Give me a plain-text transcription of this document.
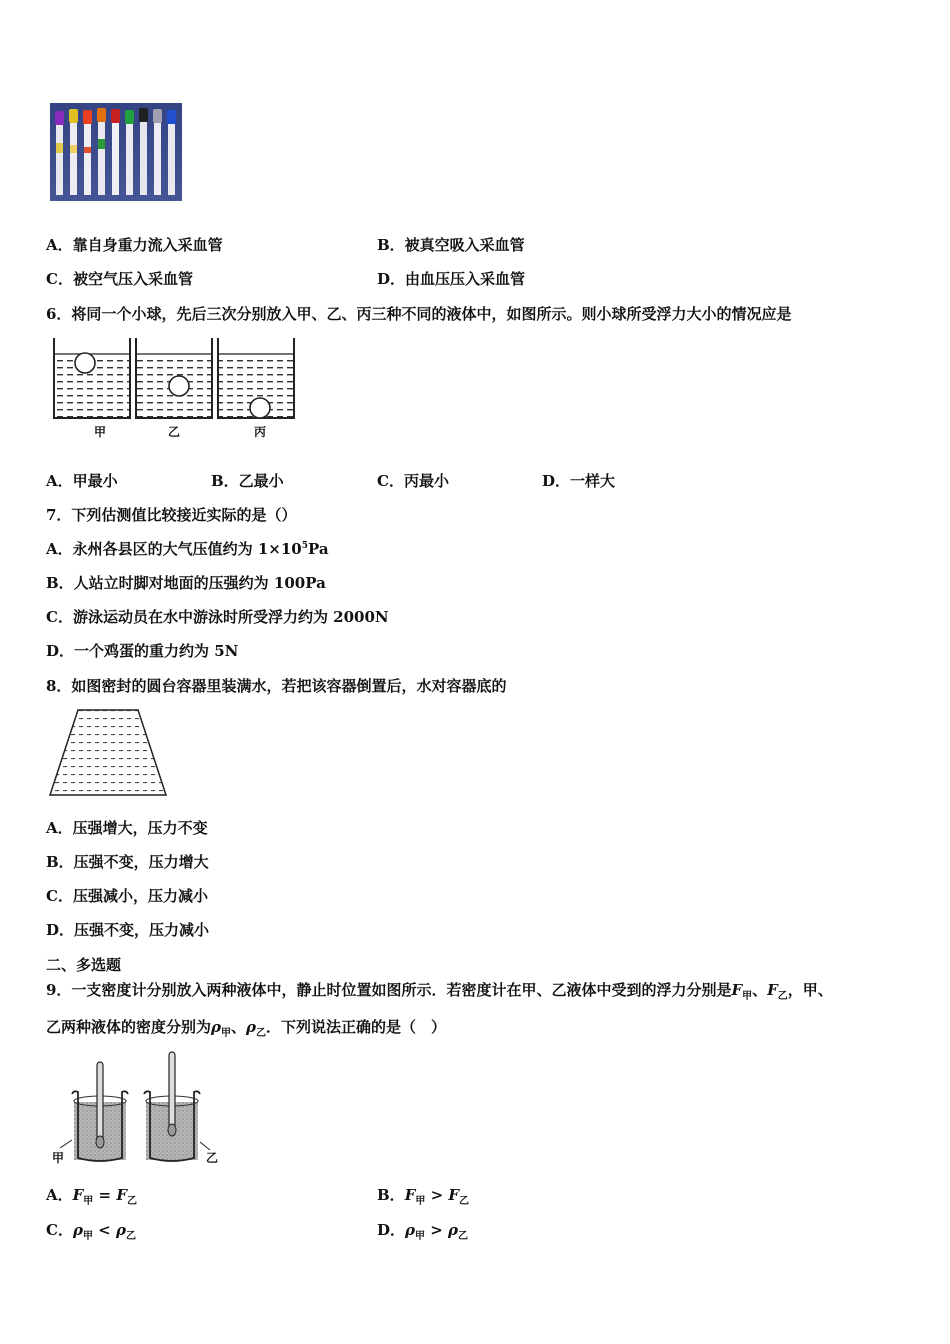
A．靠自身重力流入采血管	B．被真空吸入采血管
C．被空气压入采血管	D．由血压压入采血管
6．将同一个小球，先后三次分别放入甲、乙、丙三种不同的液体中，如图所示。则小球所受浮力大小的情况应是
甲	乙	丙
A．甲最小	B．乙最小	C．丙最小	D．一样大
7．下列估测值比较接近实际的是（）
A．永州各县区的大气压值约为 $1\times 10^5Pa$
B．人站立时脚对地面的压强约为 100Pa
C．游泳运动员在水中游泳时所受浮力约为 2000N
D．一个鸡蛋的重力约为 5N
8．如图密封的圆台容器里装满水，若把该容器倒置后，水对容器底的
A．压强增大，压力不变
B．压强不变，压力增大
C．压强减小，压力减小
D．压强不变，压力减小
二、多选题
9．一支密度计分别放入两种液体中，静止时位置如图所示．若密度计在甲、乙液体中受到的浮力分别是$F_甲$、$F_乙$，甲、
乙两种液体的密度分别为$\rho_甲$、$\rho_乙$．下列说法正确的是（　）
甲	乙
A．$F_甲 = F_乙$	B．$F_甲 > F_乙$
C．$\rho_甲 < \rho_乙$	D．$\rho_甲 > \rho_乙$
